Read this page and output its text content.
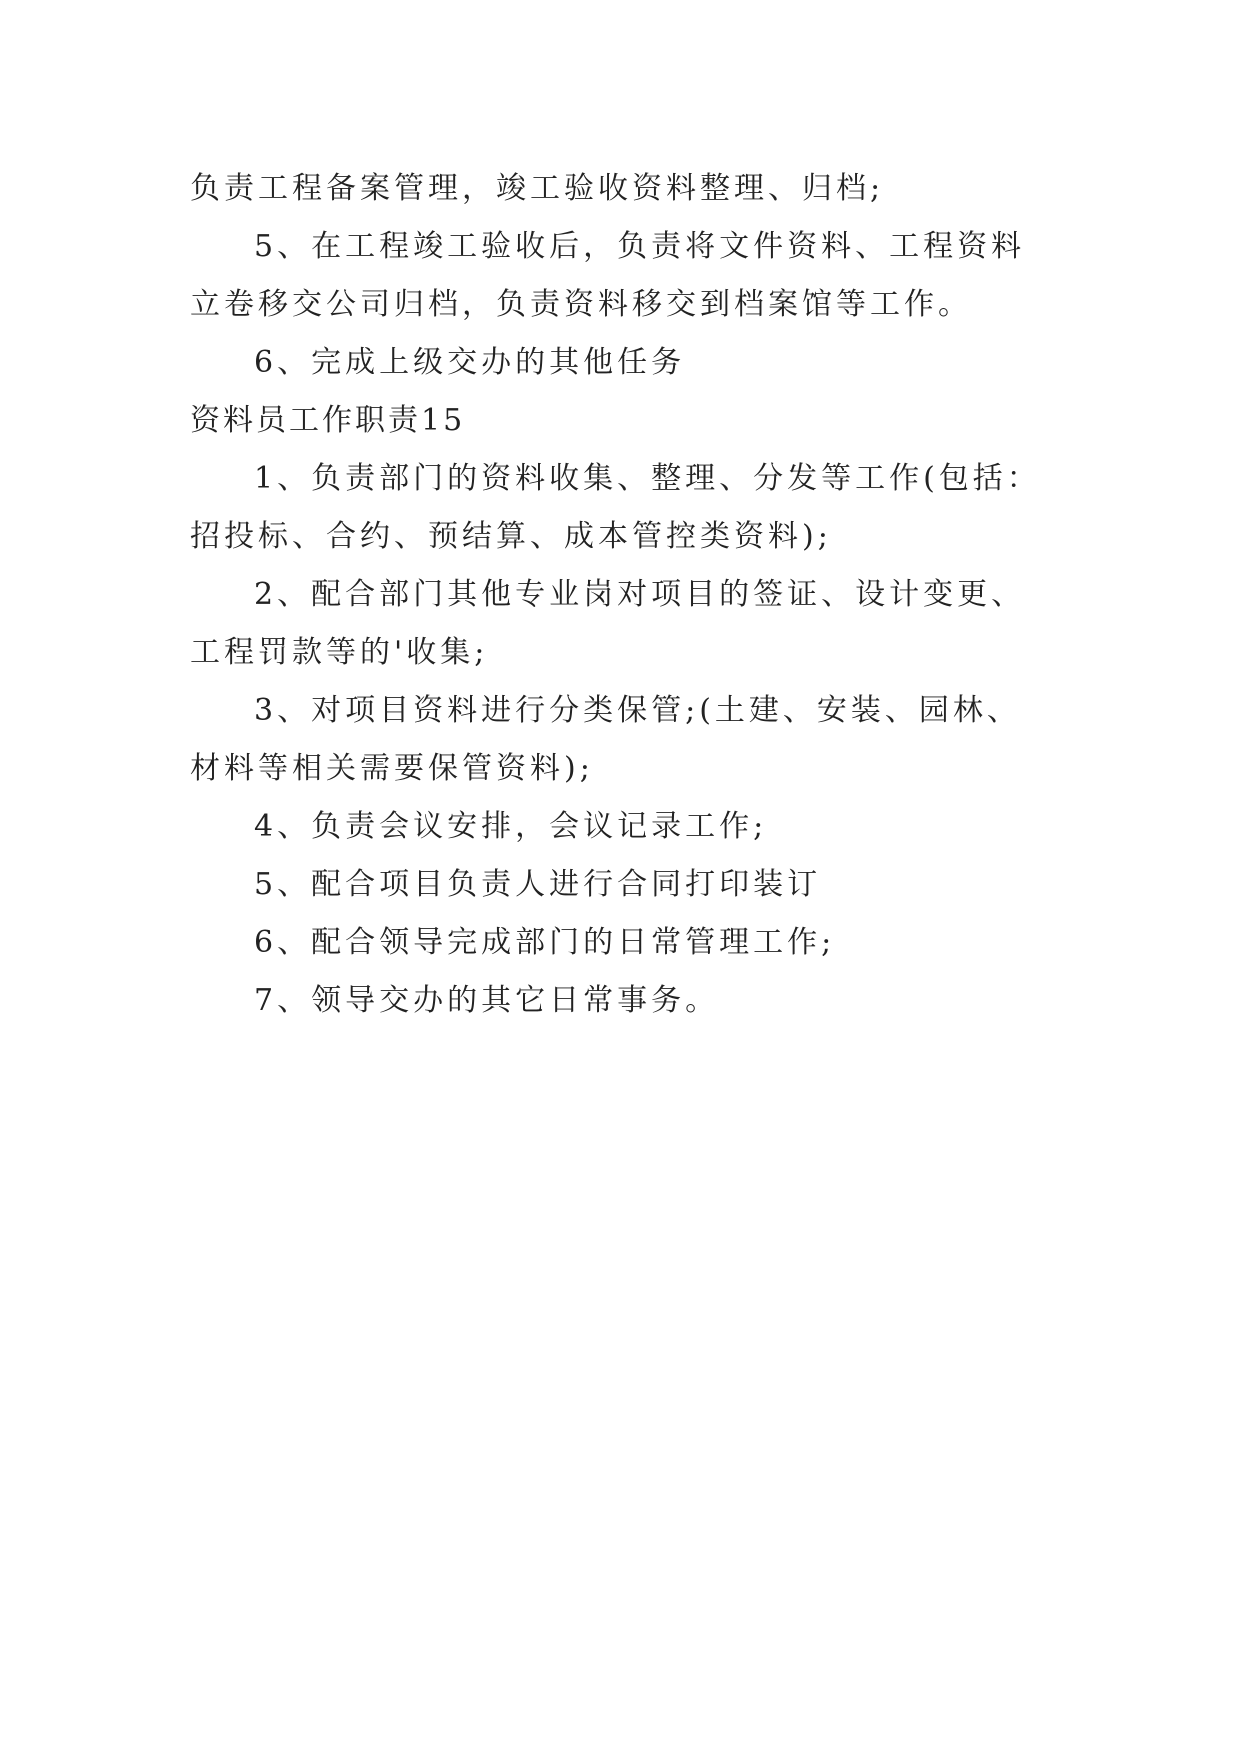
负责工程备案管理，竣工验收资料整理、归档;

5、在工程竣工验收后，负责将文件资料、工程资料立卷移交公司归档，负责资料移交到档案馆等工作。

6、完成上级交办的其他任务

资料员工作职责15

1、负责部门的资料收集、整理、分发等工作(包括：招投标、合约、预结算、成本管控类资料);

2、配合部门其他专业岗对项目的签证、设计变更、工程罚款等的'收集;

3、对项目资料进行分类保管;(土建、安装、园林、材料等相关需要保管资料);

4、负责会议安排，会议记录工作;

5、配合项目负责人进行合同打印装订

6、配合领导完成部门的日常管理工作;

7、领导交办的其它日常事务。
